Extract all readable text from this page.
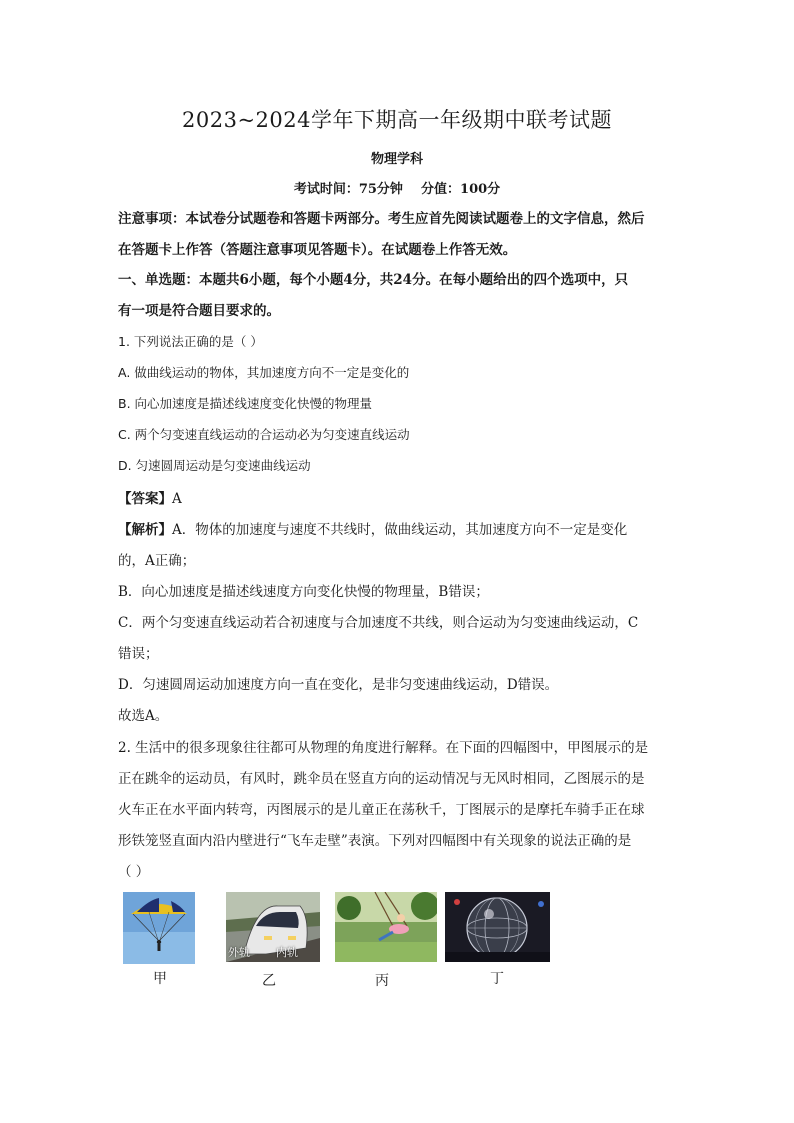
2023~2024学年下期高一年级期中联考试题
物理学科
考试时间：75分钟    分值：100分
注意事项：本试卷分试题卷和答题卡两部分。考生应首先阅读试题卷上的文字信息，然后
在答题卡上作答（答题注意事项见答题卡）。在试题卷上作答无效。
一、单选题：本题共6小题，每个小题4分，共24分。在每小题给出的四个选项中，只
有一项是符合题目要求的。
1. 下列说法正确的是（ ）
A. 做曲线运动的物体，其加速度方向不一定是变化的
B. 向心加速度是描述线速度变化快慢的物理量
C. 两个匀变速直线运动的合运动必为匀变速直线运动
D. 匀速圆周运动是匀变速曲线运动
【答案】A
【解析】A．物体的加速度与速度不共线时，做曲线运动，其加速度方向不一定是变化
的，A正确；
B．向心加速度是描述线速度方向变化快慢的物理量，B错误；
C．两个匀变速直线运动若合初速度与合加速度不共线，则合运动为匀变速曲线运动，C
错误；
D．匀速圆周运动加速度方向一直在变化，是非匀变速曲线运动，D错误。
故选A。
2. 生活中的很多现象往往都可从物理的角度进行解释。在下面的四幅图中，甲图展示的是
正在跳伞的运动员，有风时，跳伞员在竖直方向的运动情况与无风时相同，乙图展示的是
火车正在水平面内转弯，丙图展示的是儿童正在荡秋千，丁图展示的是摩托车骑手正在球
形铁笼竖直面内沿内壁进行“飞车走壁”表演。下列对四幅图中有关现象的说法正确的是
（ ）
甲
外轨 内轨
乙	丙	丁
